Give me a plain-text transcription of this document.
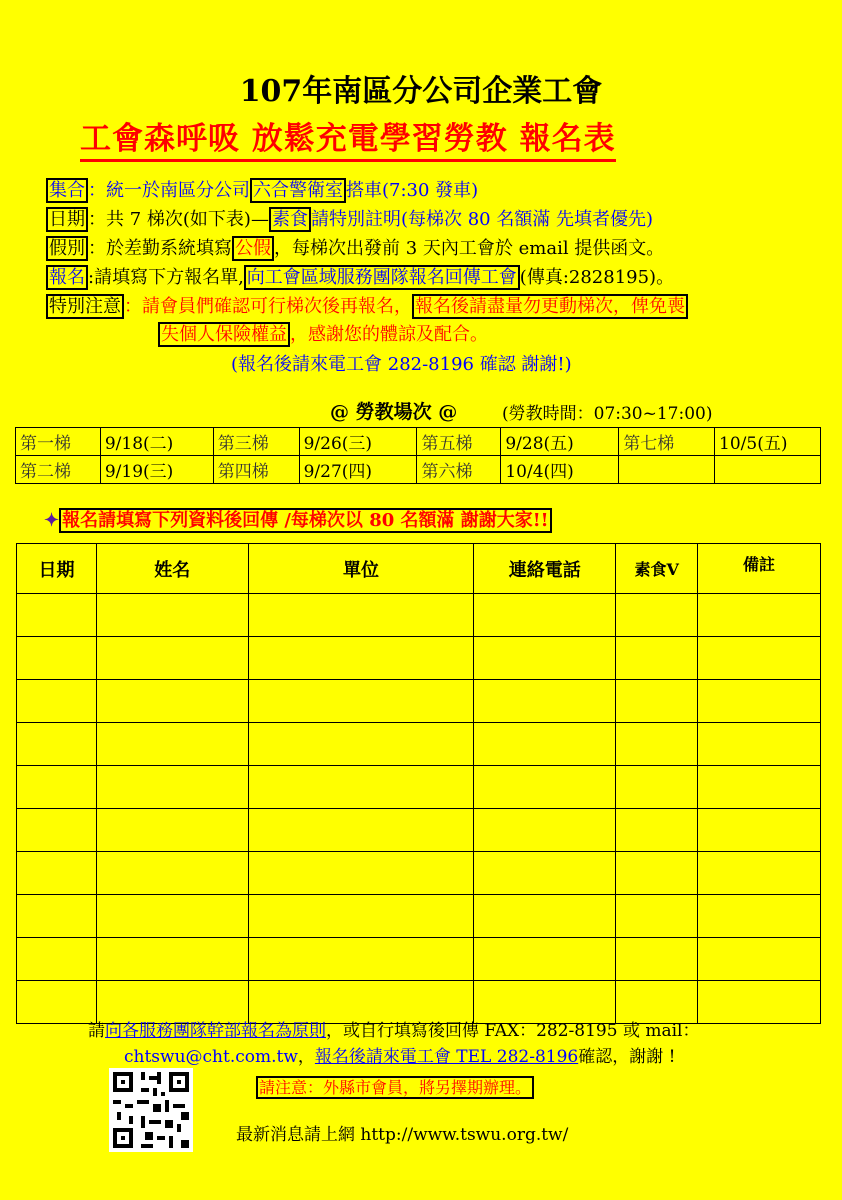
107年南區分公司企業工會
工會森呼吸 放鬆充電學習勞教 報名表
集合 ：統一於南區分公司 六合警衛室 搭車(7:30 發車)
日期 ：共 7 梯次(如下表)— 素食 請特別註明(每梯次 80 名額滿 先填者優先)
假別 ：於差勤系統填寫 公假 ，每梯次出發前 3 天內工會於 email 提供函文。
報名 :請填寫下方報名單, 向工會區域服務團隊報名回傳工會 (傳真:2828195)。
特別注意 ：請會員們確認可行梯次後再報名， 報名後請盡量勿更動梯次，俾免喪
失個人保險權益 ，感謝您的體諒及配合。
(報名後請來電工會 282-8196 確認 謝謝!)
@ 勞教場次 @	(勞教時間：07:30~17:00)
第一梯	9/18(二)	第三梯	9/26(三)	第五梯	9/28(五)	第七梯	10/5(五)
第二梯	9/19(三)	第四梯	9/27(四)	第六梯	10/4(四)		
✦ 報名請填寫下列資料後回傳 /每梯次以 80 名額滿 謝謝大家!!
日期	姓名	單位	連絡電話	素食V	備註

請向各服務團隊幹部報名為原則，或自行填寫後回傳 FAX：282-8195 或 mail：
chtswu@cht.com.tw，報名後請來電工會 TEL 282-8196確認，謝謝 !
請注意：外縣市會員，將另擇期辦理。
最新消息請上網 http://www.tswu.org.tw/
